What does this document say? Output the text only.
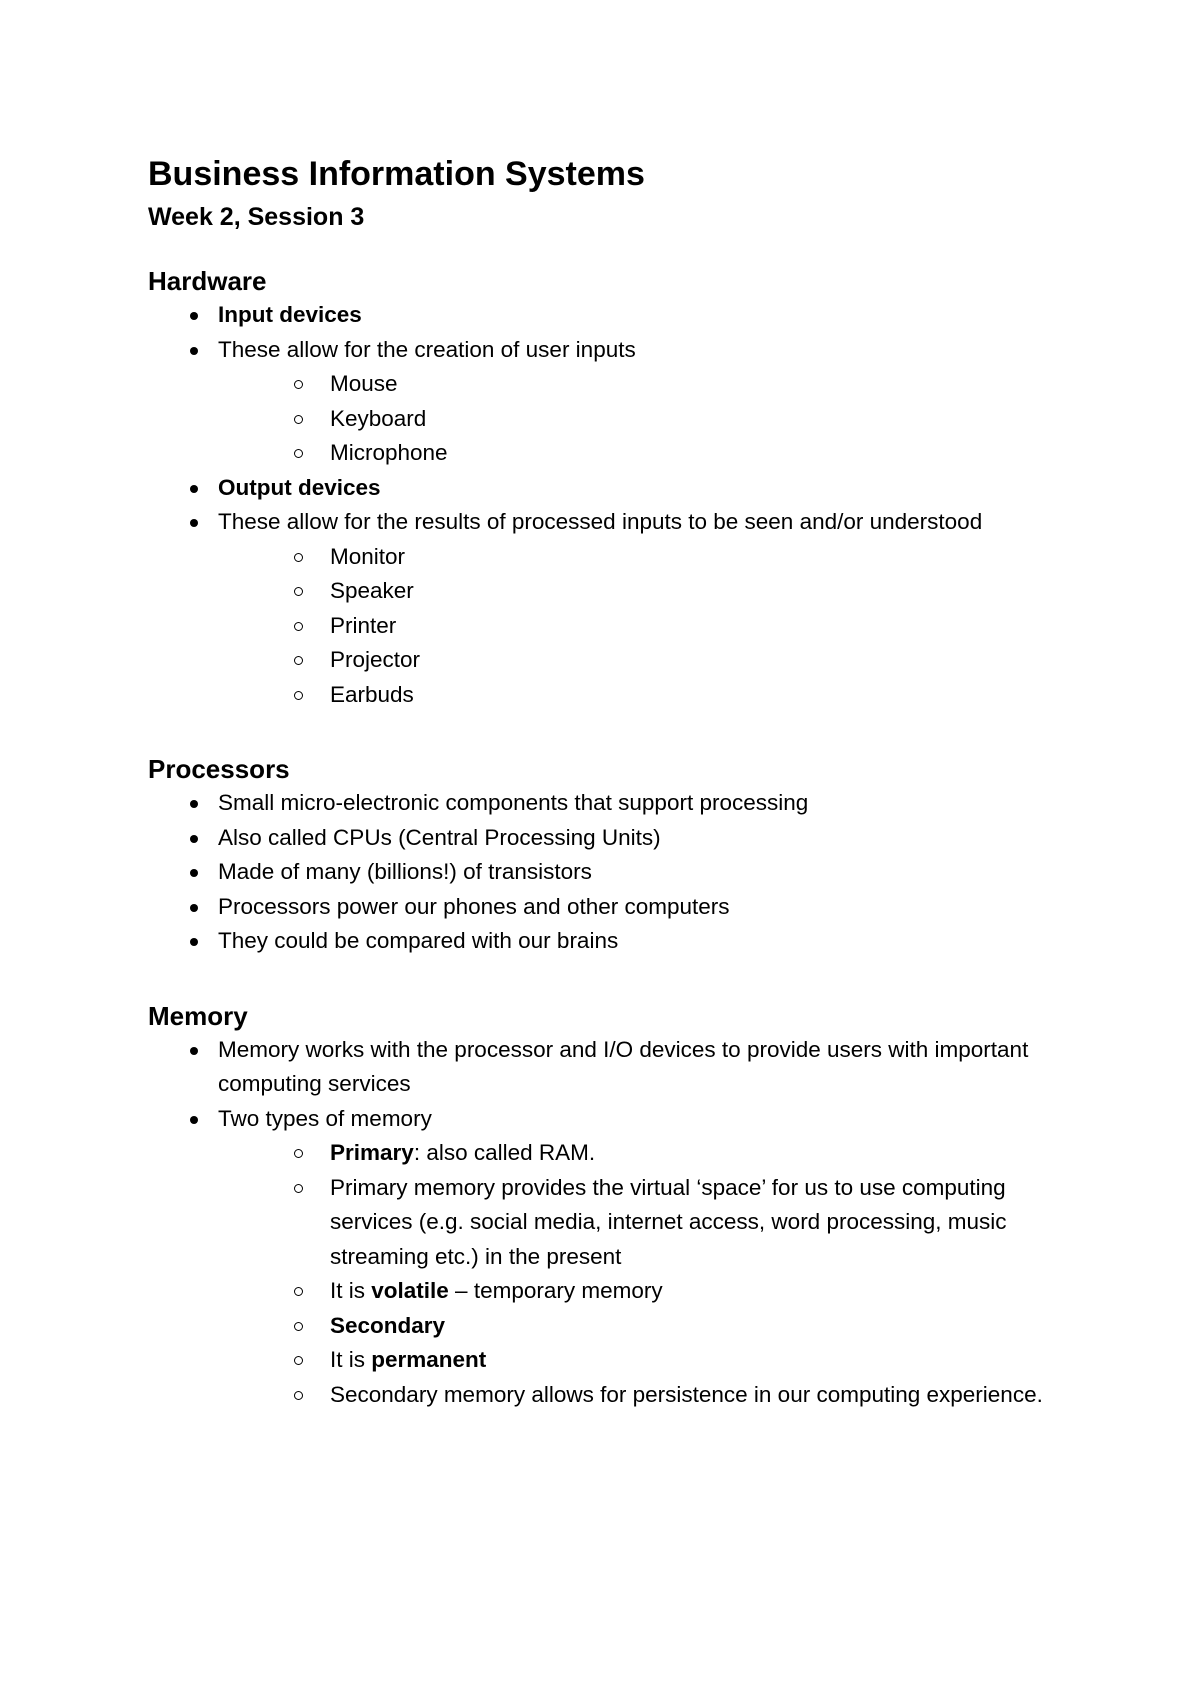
Business Information Systems
Week 2, Session 3
Hardware
Input devices
These allow for the creation of user inputs
Mouse
Keyboard
Microphone
Output devices
These allow for the results of processed inputs to be seen and/or understood
Monitor
Speaker
Printer
Projector
Earbuds
Processors
Small micro-electronic components that support processing
Also called CPUs (Central Processing Units)
Made of many (billions!) of transistors
Processors power our phones and other computers
They could be compared with our brains
Memory
Memory works with the processor and I/O devices to provide users with important computing services
Two types of memory
Primary: also called RAM.
Primary memory provides the virtual ‘space’ for us to use computing services (e.g. social media, internet access, word processing, music streaming etc.) in the present
It is volatile – temporary memory
Secondary
It is permanent
Secondary memory allows for persistence in our computing experience.
